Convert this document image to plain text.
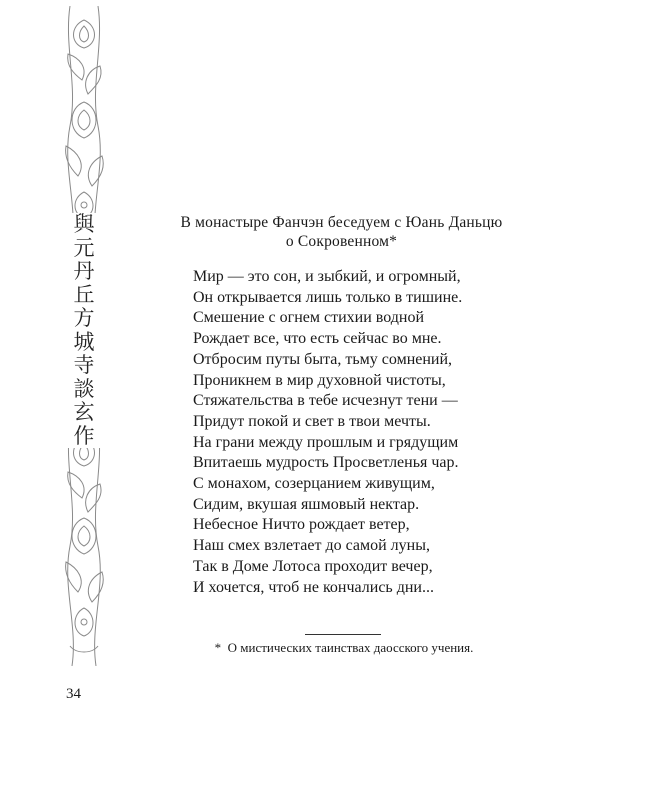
與
元
丹
丘
方
城
寺
談
玄
作
В монастыре Фанчэн беседуем с Юань Даньцю
о Сокровенном*
Мир — это сон, и зыбкий, и огромный,
Он открывается лишь только в тишине.
Смешение с огнем стихии водной
Рождает все, что есть сейчас во мне.
Отбросим путы быта, тьму сомнений,
Проникнем в мир духовной чистоты,
Стяжательства в тебе исчезнут тени —
Придут покой и свет в твои мечты.
На грани между прошлым и грядущим
Впитаешь мудрость Просветленья чар.
С монахом, созерцанием живущим,
Сидим, вкушая яшмовый нектар.
Небесное Ничто рождает ветер,
Наш смех взлетает до самой луны,
Так в Доме Лотоса проходит вечер,
И хочется, чтоб не кончались дни...
* О мистических таинствах даосского учения.
34
